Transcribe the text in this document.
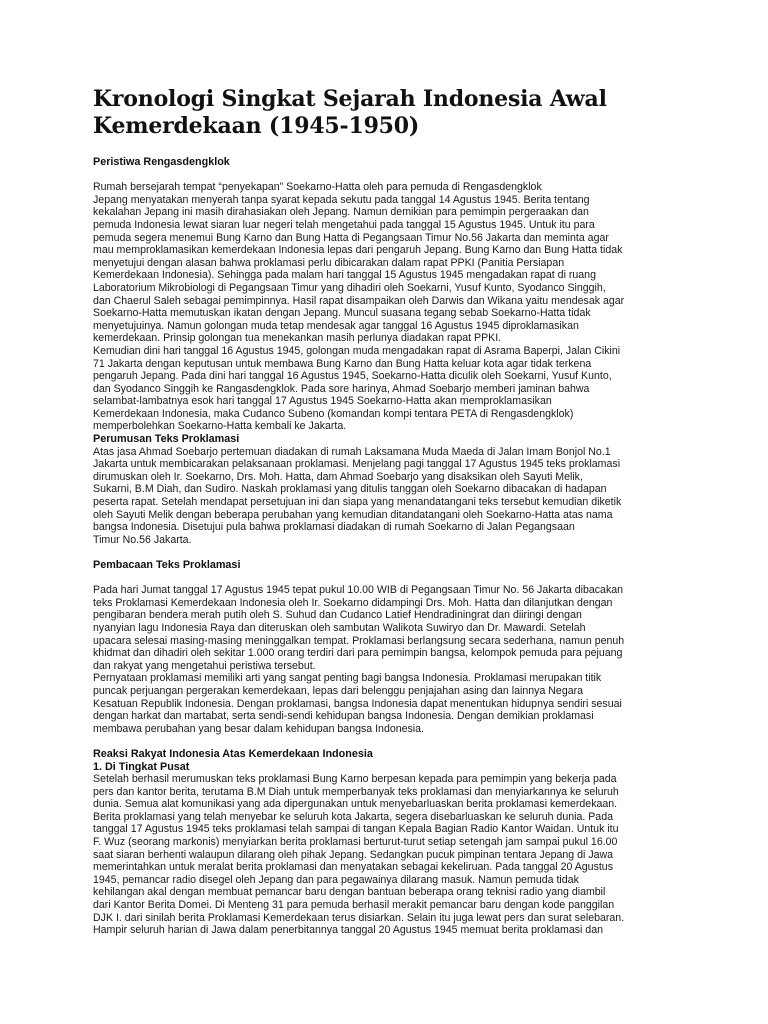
Kronologi Singkat Sejarah Indonesia Awal
Kemerdekaan (1945-1950)
Peristiwa Rengasdengklok
Rumah bersejarah tempat “penyekapan” Soekarno-Hatta oleh para pemuda di Rengasdengklok
Jepang menyatakan menyerah tanpa syarat kepada sekutu pada tanggal 14 Agustus 1945. Berita tentang
kekalahan Jepang ini masih dirahasiakan oleh Jepang. Namun demikian para pemimpin pergeraakan dan
pemuda Indonesia lewat siaran luar negeri telah mengetahui pada tanggal 15 Agustus 1945. Untuk itu para
pemuda segera menemui Bung Karno dan Bung Hatta di Pegangsaan Timur No.56 Jakarta dan meminta agar
mau memproklamasikan kemerdekaan Indonesia lepas dari pengaruh Jepang. Bung Karno dan Bung Hatta tidak
menyetujui dengan alasan bahwa proklamasi perlu dibicarakan dalam rapat PPKI (Panitia Persiapan
Kemerdekaan Indonesia). Sehingga pada malam hari tanggal 15 Agustus 1945 mengadakan rapat di ruang
Laboratorium Mikrobiologi di Pegangsaan Timur yang dihadiri oleh Soekarni, Yusuf Kunto, Syodanco Singgih,
dan Chaerul Saleh sebagai pemimpinnya. Hasil rapat disampaikan oleh Darwis dan Wikana yaitu mendesak agar
Soekarno-Hatta memutuskan ikatan dengan Jepang. Muncul suasana tegang sebab Soekarno-Hatta tidak
menyetujuinya. Namun golongan muda tetap mendesak agar tanggal 16 Agustus 1945 diproklamasikan
kemerdekaan. Prinsip golongan tua menekankan masih perlunya diadakan rapat PPKI.
Kemudian dini hari tanggal 16 Agustus 1945, golongan muda mengadakan rapat di Asrama Baperpi, Jalan Cikini
71 Jakarta dengan keputusan untuk membawa Bung Karno dan Bung Hatta keluar kota agar tidak terkena
pengaruh Jepang. Pada dini hari tanggal 16 Agustus 1945, Soekarno-Hatta diculik oleh Soekarni, Yusuf Kunto,
dan Syodanco Singgih ke Rangasdengklok. Pada sore harinya, Ahmad Soebarjo memberi jaminan bahwa
selambat-lambatnya esok hari tanggal 17 Agustus 1945 Soekarno-Hatta akan memproklamasikan
Kemerdekaan Indonesia, maka Cudanco Subeno (komandan kompi tentara PETA di Rengasdengklok)
memperbolehkan Soekarno-Hatta kembali ke Jakarta.
Perumusan Teks Proklamasi
Atas jasa Ahmad Soebarjo pertemuan diadakan di rumah Laksamana Muda Maeda di Jalan Imam Bonjol No.1
Jakarta untuk membicarakan pelaksanaan proklamasi. Menjelang pagi tanggal 17 Agustus 1945 teks proklamasi
dirumuskan oleh Ir. Soekarno, Drs. Moh. Hatta, dam Ahmad Soebarjo yang disaksikan oleh Sayuti Melik,
Sukarni, B.M Diah, dan Sudiro. Naskah proklamasi yang ditulis tanggan oleh Soekarno dibacakan di hadapan
peserta rapat. Setelah mendapat persetujuan ini dan siapa yang menandatangani teks tersebut kemudian diketik
oleh Sayuti Melik dengan beberapa perubahan yang kemudian ditandatangani oleh Soekarno-Hatta atas nama
bangsa Indonesia. Disetujui pula bahwa proklamasi diadakan di rumah Soekarno di Jalan Pegangsaan
Timur No.56 Jakarta.
Pembacaan Teks Proklamasi
Pada hari Jumat tanggal 17 Agustus 1945 tepat pukul 10.00 WIB di Pegangsaan Timur No. 56 Jakarta dibacakan
teks Proklamasi Kemerdekaan Indonesia oleh Ir. Soekarno didampingi Drs. Moh. Hatta dan dilanjutkan dengan
pengibaran bendera merah putih oleh S. Suhud dan Cudanco Latief Hendradiningrat dan diiringi dengan
nyanyian lagu Indonesia Raya dan diteruskan oleh sambutan Walikota Suwiryo dan Dr. Mawardi. Setelah
upacara selesai masing-masing meninggalkan tempat. Proklamasi berlangsung secara sederhana, namun penuh
khidmat dan dihadiri oleh sekitar 1.000 orang terdiri dari para pemimpin bangsa, kelompok pemuda para pejuang
dan rakyat yang mengetahui peristiwa tersebut.
Pernyataan proklamasi memiliki arti yang sangat penting bagi bangsa Indonesia. Proklamasi merupakan titik
puncak perjuangan pergerakan kemerdekaan, lepas dari belenggu penjajahan asing dan lainnya Negara
Kesatuan Republik Indonesia. Dengan proklamasi, bangsa Indonesia dapat menentukan hidupnya sendiri sesuai
dengan harkat dan martabat, serta sendi-sendi kehidupan bangsa Indonesia. Dengan demikian proklamasi
membawa perubahan yang besar dalam kehidupan bangsa Indonesia.
Reaksi Rakyat Indonesia Atas Kemerdekaan Indonesia
1. Di Tingkat Pusat
Setelah berhasil merumuskan teks proklamasi Bung Karno berpesan kepada para pemimpin yang bekerja pada
pers dan kantor berita, terutama B.M Diah untuk memperbanyak teks proklamasi dan menyiarkannya ke seluruh
dunia. Semua alat komunikasi yang ada dipergunakan untuk menyebarluaskan berita proklamasi kemerdekaan.
Berita proklamasi yang telah menyebar ke seluruh kota Jakarta, segera disebarluaskan ke seluruh dunia. Pada
tanggal 17 Agustus 1945 teks proklamasi telah sampai di tangan Kepala Bagian Radio Kantor Waidan. Untuk itu
F. Wuz (seorang markonis) menyiarkan berita proklamasi berturut-turut setiap setengah jam sampai pukul 16.00
saat siaran berhenti walaupun dilarang oleh pihak Jepang. Sedangkan pucuk pimpinan tentara Jepang di Jawa
memerintahkan untuk meralat berita proklamasi dan menyatakan sebagai kekeliruan. Pada tanggal 20 Agustus
1945, pemancar radio disegel oleh Jepang dan para pegawainya dilarang masuk. Namun pemuda tidak
kehilangan akal dengan membuat pemancar baru dengan bantuan beberapa orang teknisi radio yang diambil
dari Kantor Berita Domei. Di Menteng 31 para pemuda berhasil merakit pemancar baru dengan kode panggilan
DJK I. dari sinilah berita Proklamasi Kemerdekaan terus disiarkan. Selain itu juga lewat pers dan surat selebaran.
Hampir seluruh harian di Jawa dalam penerbitannya tanggal 20 Agustus 1945 memuat berita proklamasi dan
